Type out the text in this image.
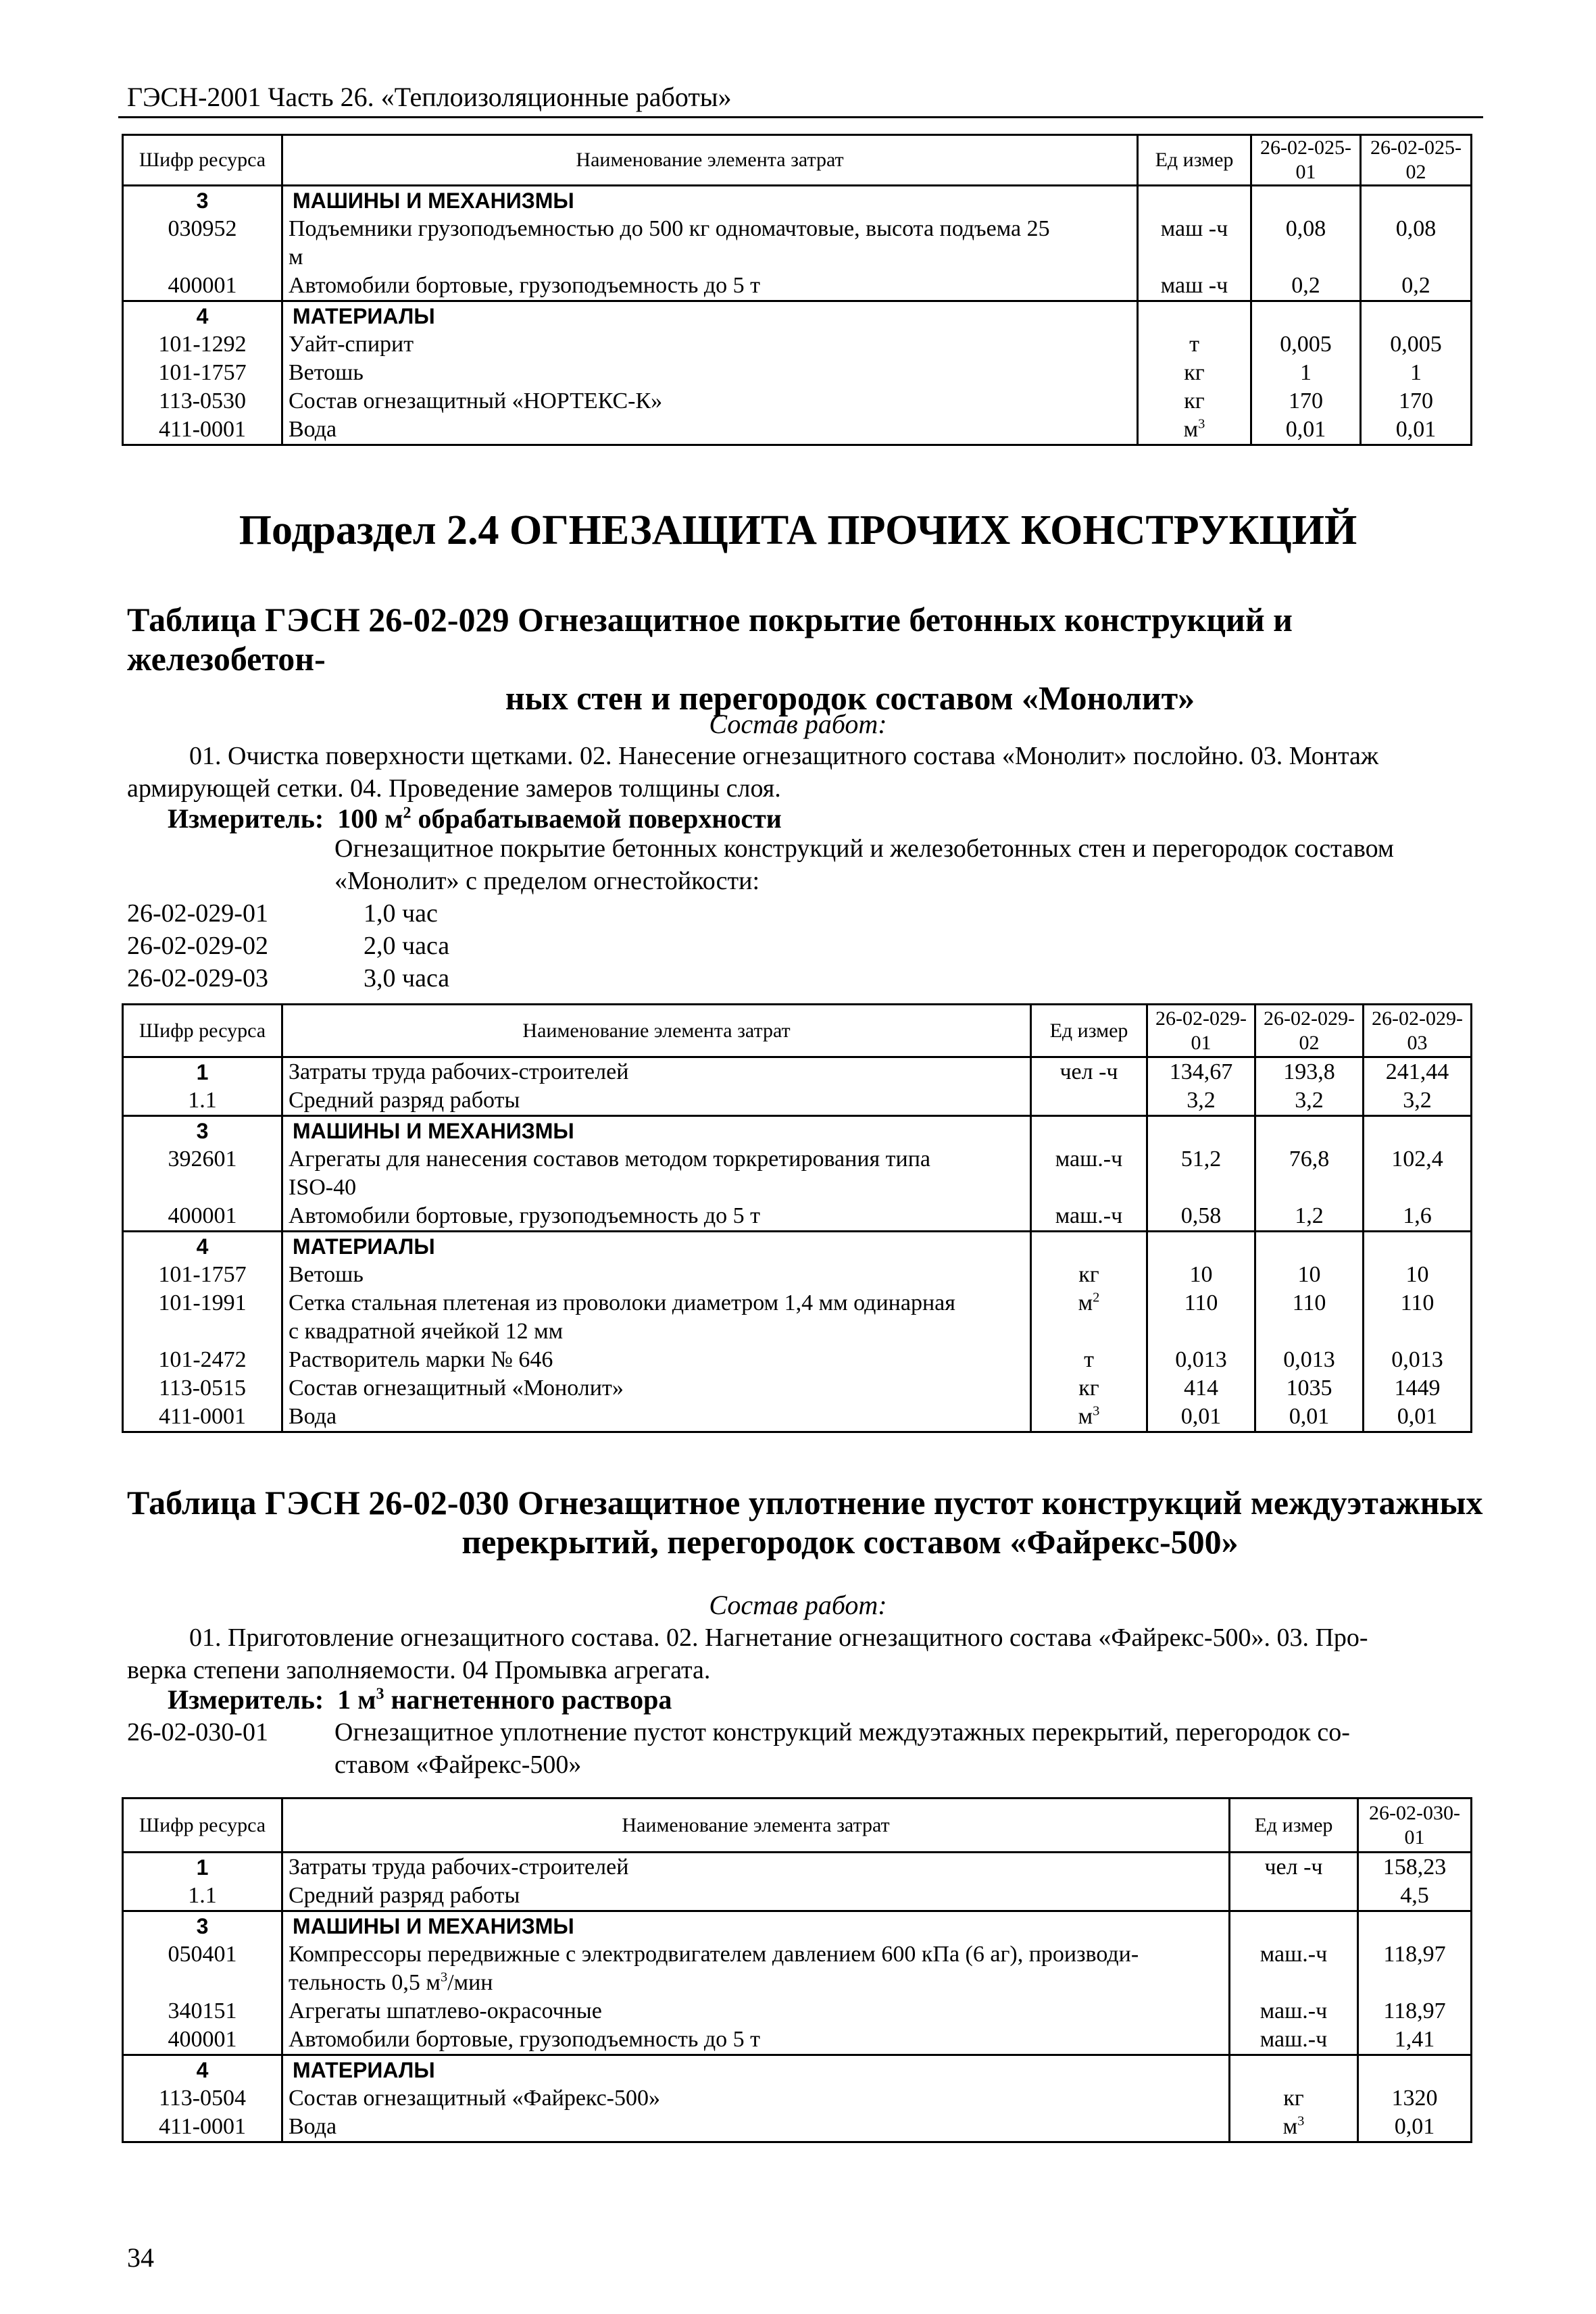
ГЭСН-2001 Часть 26. «Теплоизоляционные работы»
Шифр ресурса	Наименование элемента затрат	Ед измер	26-02-025-01	26-02-025-02
3	МАШИНЫ И МЕХАНИЗМЫ			
030952	Подъемники грузоподъемностью до 500 кг одномачтовые, высота подъема 25
м	маш -ч	0,08	0,08
400001	Автомобили бортовые, грузоподъемность до 5 т	маш -ч	0,2	0,2
4	МАТЕРИАЛЫ			
101-1292	Уайт-спирит	т	0,005	0,005
101-1757	Ветошь	кг	1	1
113-0530	Состав огнезащитный «НОРТЕКС-К»	кг	170	170
411-0001	Вода	$м^3$	0,01	0,01
Подраздел 2.4 ОГНЕЗАЩИТА ПРОЧИХ КОНСТРУКЦИЙ
Таблица ГЭСН 26-02-029 Огнезащитное покрытие бетонных конструкций и железобетон-
ных стен и перегородок составом «Монолит»
Состав работ:
01. Очистка поверхности щетками. 02. Нанесение огнезащитного состава «Монолит» послойно. 03. Монтаж
армирующей сетки. 04. Проведение замеров толщины слоя.
Измеритель: 100 $м^2$ обрабатываемой поверхности
Огнезащитное покрытие бетонных конструкций и железобетонных стен и перегородок составом
«Монолит» с пределом огнестойкости:
26-02-029-01	1,0 час
26-02-029-02	2,0 часа
26-02-029-03	3,0 часа
Шифр ресурса	Наименование элемента затрат	Ед измер	26-02-029-01	26-02-029-02	26-02-029-03
1	Затраты труда рабочих-строителей	чел -ч	134,67	193,8	241,44
1.1	Средний разряд работы		3,2	3,2	3,2
3	МАШИНЫ И МЕХАНИЗМЫ				
392601	Агрегаты для нанесения составов методом торкретирования типа
ISO-40	маш.-ч	51,2	76,8	102,4
400001	Автомобили бортовые, грузоподъемность до 5 т	маш.-ч	0,58	1,2	1,6
4	МАТЕРИАЛЫ				
101-1757	Ветошь	кг	10	10	10
101-1991	Сетка стальная плетеная из проволоки диаметром 1,4 мм одинарная
с квадратной ячейкой 12 мм	$м^2$	110	110	110
101-2472	Растворитель марки № 646	т	0,013	0,013	0,013
113-0515	Состав огнезащитный «Монолит»	кг	414	1035	1449
411-0001	Вода	$м^3$	0,01	0,01	0,01
Таблица ГЭСН 26-02-030 Огнезащитное уплотнение пустот конструкций междуэтажных
перекрытий, перегородок составом «Файрекс-500»
Состав работ:
01. Приготовление огнезащитного состава. 02. Нагнетание огнезащитного состава «Файрекс-500». 03. Про-
верка степени заполняемости. 04 Промывка агрегата.
Измеритель: 1 $м^3$ нагнетенного раствора
26-02-030-01	Огнезащитное уплотнение пустот конструкций междуэтажных перекрытий, перегородок со-
ставом «Файрекс-500»
Шифр ресурса	Наименование элемента затрат	Ед измер	26-02-030-01
1	Затраты труда рабочих-строителей	чел -ч	158,23
1.1	Средний разряд работы		4,5
3	МАШИНЫ И МЕХАНИЗМЫ		
050401	Компрессоры передвижные с электродвигателем давлением 600 кПа (6 аг), производи-
тельность 0,5 $м^3$/мин	маш.-ч	118,97
340151	Агрегаты шпатлево-окрасочные	маш.-ч	118,97
400001	Автомобили бортовые, грузоподъемность до 5 т	маш.-ч	1,41
4	МАТЕРИАЛЫ		
113-0504	Состав огнезащитный «Файрекс-500»	кг	1320
411-0001	Вода	$м^3$	0,01
34
